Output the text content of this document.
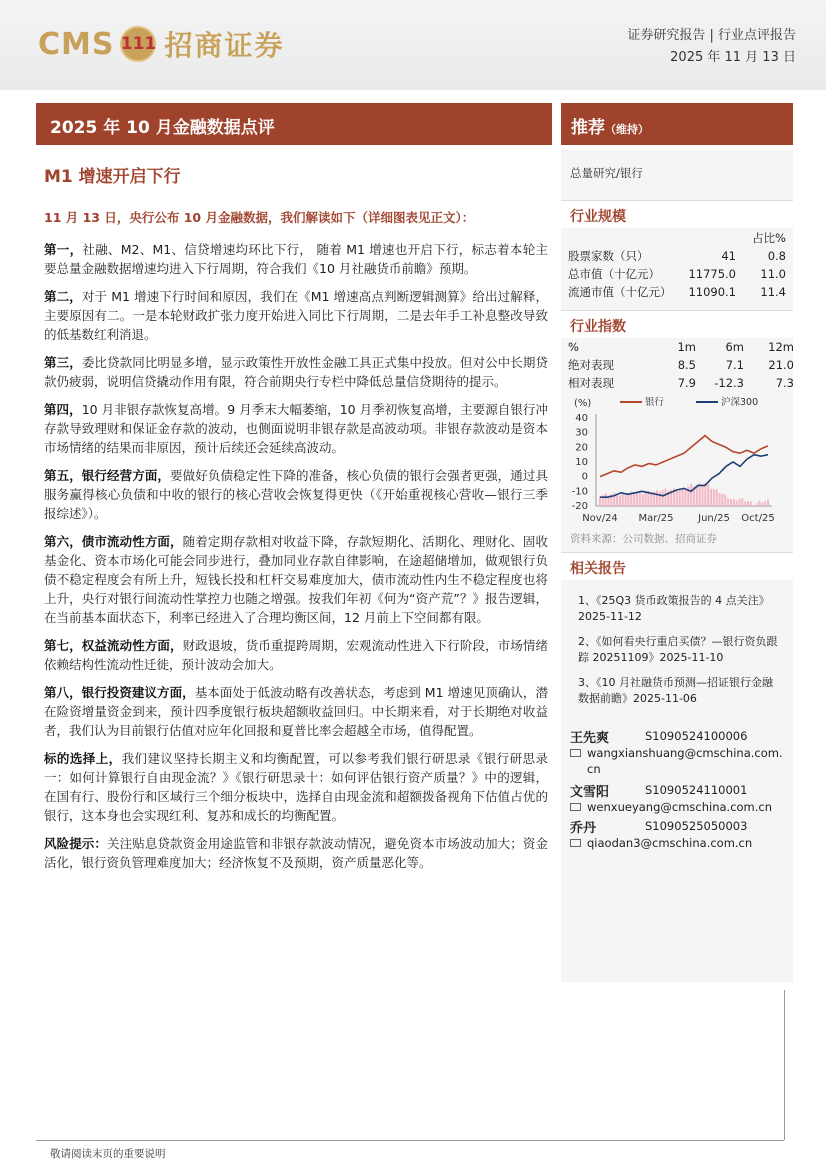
CMS 111 招商证券	证券研究报告 | 行业点评报告
2025 年 11 月 13 日
2025 年 10 月金融数据点评
M1 增速开启下行
11 月 13 日，央行公布 10 月金融数据，我们解读如下（详细图表见正文）：

第一，社融、M2、M1、信贷增速均环比下行， 随着 M1 增速也开启下行，标志着本轮主要总量金融数据增速均进入下行周期，符合我们《10 月社融货币前瞻》预期。

第二，对于 M1 增速下行时间和原因，我们在《M1 增速高点判断逻辑测算》给出过解释，主要原因有二。一是本轮财政扩张力度开始进入同比下行周期，二是去年手工补息整改导致的低基数红利消退。

第三，委比贷款同比明显多增，显示政策性开放性金融工具正式集中投放。但对公中长期贷款仍疲弱，说明信贷撬动作用有限，符合前期央行专栏中降低总量信贷期待的提示。

第四，10 月非银存款恢复高增。9 月季末大幅萎缩，10 月季初恢复高增，主要源自银行冲存款导致理财和保证金存款的波动，也侧面说明非银存款是高波动项。非银存款波动是资本市场情绪的结果而非原因，预计后续还会延续高波动。

第五，银行经营方面，要做好负债稳定性下降的准备，核心负债的银行会强者更强，通过具服务赢得核心负债和中收的银行的核心营收会恢复得更快（《开始重视核心营收—银行三季报综述》）。

第六，债市流动性方面，随着定期存款相对收益下降，存款短期化、活期化、理财化、固收基金化、资本市场化可能会同步进行，叠加同业存款自律影响，在途超储增加，做观银行负债不稳定程度会有所上升，短钱长投和杠杆交易难度加大，债市流动性内生不稳定程度也将上升，央行对银行间流动性掌控力也随之增强。按我们年初《何为“资产荒”？》报告逻辑，在当前基本面状态下，利率已经进入了合理均衡区间，12 月前上下空间都有限。

第七，权益流动性方面，财政退坡，货币重提跨周期，宏观流动性进入下行阶段，市场情绪依赖结构性流动性迁徙，预计波动会加大。

第八，银行投资建议方面，基本面处于低波动略有改善状态，考虑到 M1 增速见顶确认，潜在险资增量资金到来，预计四季度银行板块超额收益回归。中长期来看，对于长期绝对收益者，我们认为目前银行估值对应年化回报和夏普比率会超越全市场，值得配置。

标的选择上，我们建议坚持长期主义和均衡配置，可以参考我们银行研思录《银行研思录一：如何计算银行自由现金流？》《银行研思录十：如何评估银行资产质量？》中的逻辑，在国有行、股份行和区域行三个细分板块中，选择自由现金流和超额拨备视角下估值占优的银行，这本身也会实现红利、复苏和成长的均衡配置。

风险提示：关注贴息贷款资金用途监管和非银存款波动情况，避免资本市场波动加大；资金活化，银行资负管理难度加大；经济恢复不及预期，资产质量恶化等。

推荐（维持）
总量研究/银行
行业规模
		占比%
股票家数（只）	41	0.8
总市值（十亿元）	11775.0	11.0
流通市值（十亿元）	11090.1	11.4
行业指数
%	1m	6m	12m
绝对表现	8.5	7.1	21.0
相对表现	7.9	-12.3	7.3
(%)
40
30
20
10
0
-10
-20
银行	沪深300
Nov/24 Mar/25 Jun/25 Oct/25
资料来源：公司数据、招商证券
相关报告
1、《25Q3 货币政策报告的 4 点关注》2025-11-12
2、《如何看央行重启买债？—银行资负跟踪 20251109》2025-11-10
3、《10 月社融货币预测—招证银行金融数据前瞻》2025-11-06
王先爽	S1090524100006
wangxianshuang@cmschina.com.cn
文雪阳	S1090524110001
wenxueyang@cmschina.com.cn
乔丹	S1090525050003
qiaodan3@cmschina.com.cn
敬请阅读末页的重要说明
